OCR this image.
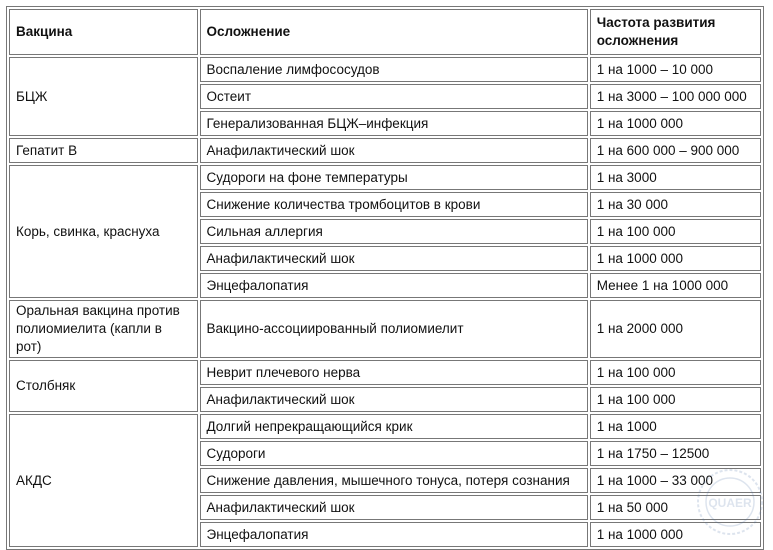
Вакцина	Осложнение	Частота развития осложнения
БЦЖ	Воспаление лимфососудов	1 на 1000 – 10 000
	Остеит	1 на 3000 – 100 000 000
	Генерализованная БЦЖ–инфекция	1 на 1000 000
Гепатит В	Анафилактический шок	1 на 600 000 – 900 000
Корь, свинка, краснуха	Судороги на фоне температуры	1 на 3000
	Снижение количества тромбоцитов в крови	1 на 30 000
	Сильная аллергия	1 на 100 000
	Анафилактический шок	1 на 1000 000
	Энцефалопатия	Менее 1 на 1000 000
Оральная вакцина против полиомиелита (капли в рот)	Вакцино-ассоциированный полиомиелит	1 на 2000 000
Столбняк	Неврит плечевого нерва	1 на 100 000
	Анафилактический шок	1 на 100 000
АКДС	Долгий непрекращающийся крик	1 на 1000
	Судороги	1 на 1750 – 12500
	Снижение давления, мышечного тонуса, потеря сознания	1 на 1000 – 33 000
	Анафилактический шок	1 на 50 000
	Энцефалопатия	1 на 1000 000
QUAER
